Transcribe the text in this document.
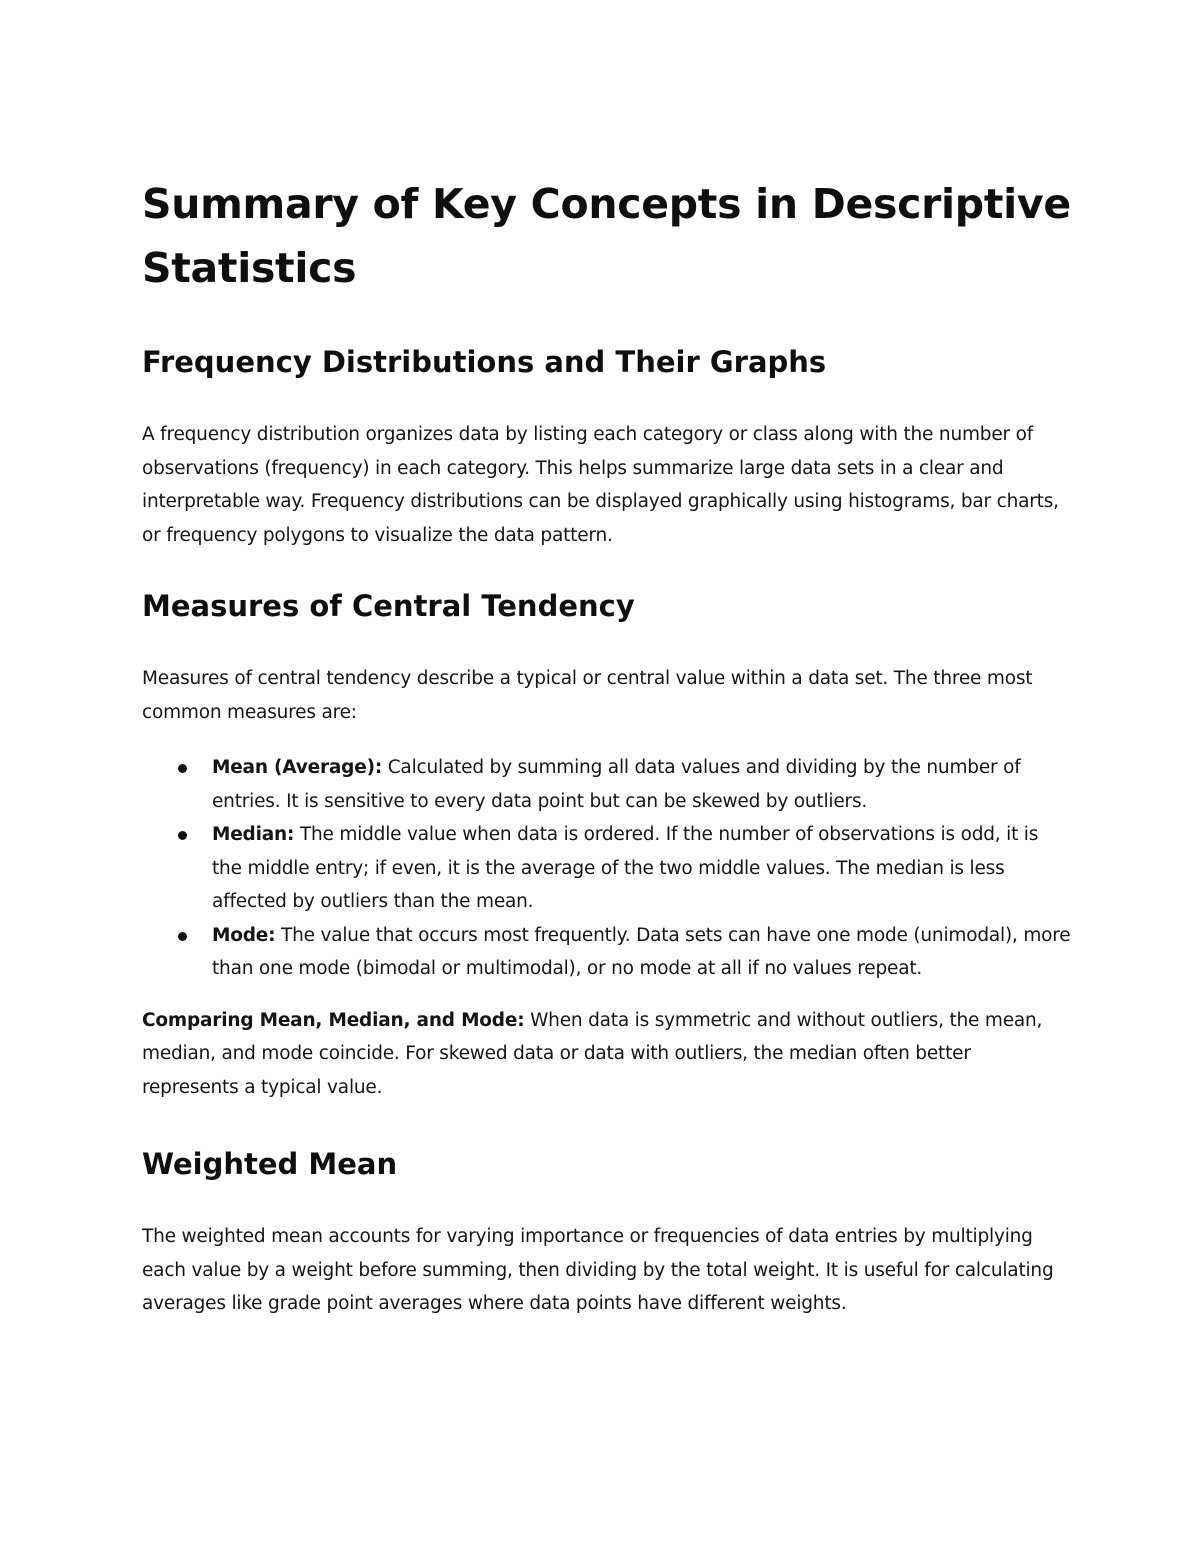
Summary of Key Concepts in Descriptive Statistics
Frequency Distributions and Their Graphs

A frequency distribution organizes data by listing each category or class along with the number of observations (frequency) in each category. This helps summarize large data sets in a clear and interpretable way. Frequency distributions can be displayed graphically using histograms, bar charts, or frequency polygons to visualize the data pattern.

Measures of Central Tendency

Measures of central tendency describe a typical or central value within a data set. The three most common measures are:

Mean (Average): Calculated by summing all data values and dividing by the number of entries. It is sensitive to every data point but can be skewed by outliers.
Median: The middle value when data is ordered. If the number of observations is odd, it is the middle entry; if even, it is the average of the two middle values. The median is less affected by outliers than the mean.
Mode: The value that occurs most frequently. Data sets can have one mode (unimodal), more than one mode (bimodal or multimodal), or no mode at all if no values repeat.

Comparing Mean, Median, and Mode: When data is symmetric and without outliers, the mean, median, and mode coincide. For skewed data or data with outliers, the median often better represents a typical value.

Weighted Mean

The weighted mean accounts for varying importance or frequencies of data entries by multiplying each value by a weight before summing, then dividing by the total weight. It is useful for calculating averages like grade point averages where data points have different weights.
